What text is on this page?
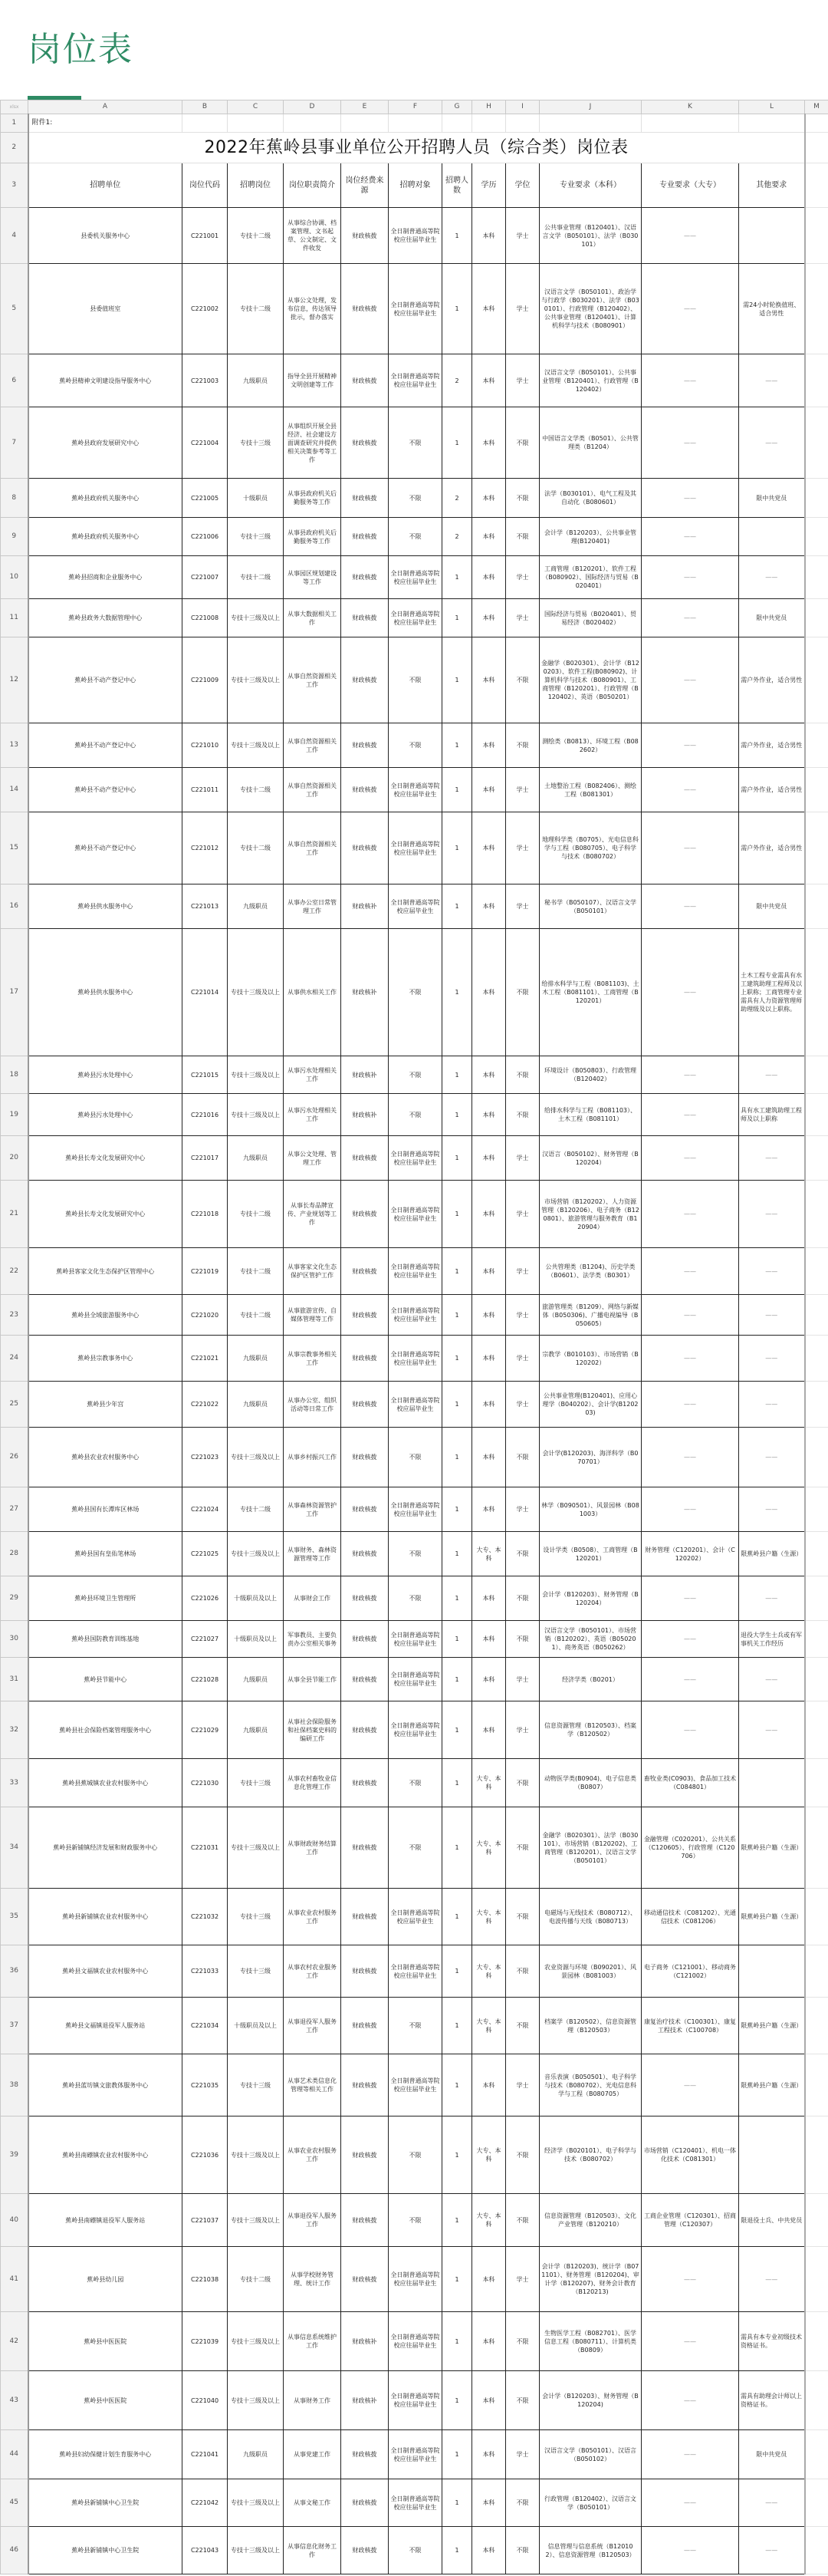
岗位表
xlsx	A	B	C	D	E	F	G	H	I	J	K	L	M
1	附件1:												
2	2022年蕉岭县事业单位公开招聘人员（综合类）岗位表												
3	招聘单位	岗位代码	招聘岗位	岗位职责简介	岗位经费来源	招聘对象	招聘人数	学历	学位	专业要求（本科）	专业要求（大专）	其他要求	
4	县委机关服务中心	C221001	专技十二级	从事综合协调、档案管理、文书起草、公文制定、文件收发	财政核拨	全日制普通高等院校应往届毕业生	1	本科	学士	公共事业管理（B120401）、汉语言文学（B050101）、法学（B030101）	——		
5	县委值班室	C221002	专技十二级	从事公文处理，发布信息，传达领导批示，督办落实	财政核拨	全日制普通高等院校应往届毕业生	1	本科	学士	汉语言文学（B050101）、政治学与行政学（B030201）、法学（B030101）、行政管理（B120402）、公共事业管理（B120401）、计算机科学与技术（B080901）	——	需24小时轮换值班、适合男性	
6	蕉岭县精神文明建设指导服务中心	C221003	九级职员	指导全县开展精神文明创建等工作	财政核拨	全日制普通高等院校应往届毕业生	2	本科	学士	汉语言文学（B050101）、公共事业管理（B120401）、行政管理（B120402）	——	——	
7	蕉岭县政府发展研究中心	C221004	专技十三级	从事组织开展全县经济、社会建设方面调查研究并提供相关决策参考等工作	财政核拨	不限	1	本科	不限	中国语言文学类（B0501）、公共管理类（B1204）	——	——	
8	蕉岭县政府机关服务中心	C221005	十级职员	从事县政府机关后勤服务等工作	财政核拨	不限	2	本科	不限	法学（B030101）、电气工程及其自动化（B080601）	——	限中共党员	
9	蕉岭县政府机关服务中心	C221006	专技十三级	从事县政府机关后勤服务等工作	财政核拨	不限	2	本科	不限	会计学（B120203）、公共事业管理(B120401)	——		
10	蕉岭县招商和企业服务中心	C221007	专技十二级	从事园区规划建设等工作	财政核拨	全日制普通高等院校应往届毕业生	1	本科	学士	工商管理（B120201）、软件工程（B080902）、国际经济与贸易（B020401）	——	——	
11	蕉岭县政务大数据管理中心	C221008	专技十三级及以上	从事大数据相关工作	财政核拨	全日制普通高等院校应往届毕业生	1	本科	学士	国际经济与贸易（B020401）、贸易经济（B020402）	——	限中共党员	
12	蕉岭县不动产登记中心	C221009	专技十三级及以上	从事自然资源相关工作	财政核拨	不限	1	本科	不限	金融学（B020301）、会计学（B120203）、软件工程(B080902)、计算机科学与技术（B080901）、工商管理（B120201）、行政管理（B120402）、英语（B050201）	——	需户外作业，适合男性	
13	蕉岭县不动产登记中心	C221010	专技十三级及以上	从事自然资源相关工作	财政核拨	不限	1	本科	不限	测绘类（B0813）、环境工程（B082602）	——	需户外作业，适合男性	
14	蕉岭县不动产登记中心	C221011	专技十二级	从事自然资源相关工作	财政核拨	全日制普通高等院校应往届毕业生	1	本科	学士	土地整治工程（B082406）、测绘工程（B081301）	——	需户外作业，适合男性	
15	蕉岭县不动产登记中心	C221012	专技十二级	从事自然资源相关工作	财政核拨	全日制普通高等院校应往届毕业生	1	本科	学士	地理科学类（B0705）、光电信息科学与工程（B080705）、电子科学与技术（B080702）	——	需户外作业，适合男性	
16	蕉岭县供水服务中心	C221013	九级职员	从事办公室日常管理工作	财政核补	全日制普通高等院校应届毕业生	1	本科	学士	秘书学（B050107）、汉语言文学（B050101）	——	限中共党员	
17	蕉岭县供水服务中心	C221014	专技十三级及以上	从事供水相关工作	财政核补	不限	1	本科	不限	给排水科学与工程（B081103)、土木工程（B081101）、工商管理（B120201）	——	土木工程专业需具有水工建筑助理工程师及以上职称；工商管理专业需具有人力资源管理师助理级及以上职称。	
18	蕉岭县污水处理中心	C221015	专技十三级及以上	从事污水处理相关工作	财政核补	不限	1	本科	不限	环境设计（B050803）、行政管理（B120402）	——	——	
19	蕉岭县污水处理中心	C221016	专技十三级及以上	从事污水处理相关工作	财政核补	不限	1	本科	不限	给排水科学与工程（B081103）、土木工程（B081101）	——	具有水工建筑助理工程师及以上职称	
20	蕉岭县长寿文化发展研究中心	C221017	九级职员	从事公文处理、管理工作	财政核拨	全日制普通高等院校应往届毕业生	1	本科	学士	汉语言（B050102）、财务管理（B120204）	——	——	
21	蕉岭县长寿文化发展研究中心	C221018	专技十二级	从事长寿品牌宣传、产业规划等工作	财政核拨	全日制普通高等院校应往届毕业生	1	本科	学士	市场营销（B120202）、人力资源管理（B120206）、电子商务（B120801）、旅游管理与服务教育（B120904）	——	——	
22	蕉岭县客家文化生态保护区管理中心	C221019	专技十二级	从事客家文化生态保护区管护工作	财政核拨	全日制普通高等院校应往届毕业生	1	本科	学士	公共管理类（B1204)、历史学类（B0601）、法学类（B0301）	——	——	
23	蕉岭县全域旅游服务中心	C221020	专技十二级	从事旅游宣传、自媒体管理等工作	财政核拨	全日制普通高等院校应往届毕业生	1	本科	学士	旅游管理类（B1209）、网络与新媒体（B050306)、广播电视编导（B050605）	——	——	
24	蕉岭县宗教事务中心	C221021	九级职员	从事宗教事务相关工作	财政核拨	全日制普通高等院校应往届毕业生	1	本科	学士	宗教学（B010103）、市场营销（B120202）	——	——	
25	蕉岭县少年宫	C221022	九级职员	从事办公室、组织活动等日常工作	财政核拨	全日制普通高等院校应届毕业生	1	本科	学士	公共事业管理(B120401)、应用心理学（B040202）、会计学(B120203)	——	——	
26	蕉岭县农业农村服务中心	C221023	专技十三级及以上	从事乡村振兴工作	财政核拨	不限	1	本科	不限	会计学(B120203)、海洋科学（B070701）	——	——	
27	蕉岭县国有长潭库区林场	C221024	专技十二级	从事森林资源管护工作	财政核拨	全日制普通高等院校应往届毕业生	1	本科	学士	林学（B090501）、风景园林（B081003）	——	——	
28	蕉岭县国有皇佑笔林场	C221025	专技十三级及以上	从事财务、森林资源管理等工作	财政核拨	不限	1	大专、本科	不限	设计学类（B0508）、工商管理（B120201）	财务管理（C120201）、会计（C120202）	限蕉岭县户籍（生源）	
29	蕉岭县环境卫生管理所	C221026	十级职员及以上	从事财会工作	财政核拨	不限	1	本科	不限	会计学（B120203）、财务管理（B120204）	——	——	
30	蕉岭县国防教育训练基地	C221027	十级职员及以上	军事教员、主要负责办公室相关事务	财政核拨	全日制普通高等院校应往届毕业生	1	本科	不限	汉语言文学（B050101）、市场营销（B120202）、英语（B050201）、商务英语（B050262）	——	退役大学生士兵或有军事机关工作经历	
31	蕉岭县节能中心	C221028	九级职员	从事全县节能工作	财政核拨	全日制普通高等院校应往届毕业生	1	本科	学士	经济学类（B0201）	——	——	
32	蕉岭县社会保险档案管理服务中心	C221029	九级职员	从事社会保险服务和社保档案史料的编研工作	财政核拨	全日制普通高等院校应往届毕业生	1	本科	学士	信息资源管理（B120503）、档案学（B120502）	——	——	
33	蕉岭县蕉城镇农业农村服务中心	C221030	专技十三级	从事农村畜牧业信息化管理工作	财政核拨	不限	1	大专、本科	不限	动物医学类(B0904)、电子信息类（B0807）	畜牧业类(C0903)、食品加工技术（C084801）		
34	蕉岭县新铺镇经济发展和财政服务中心	C221031	专技十三级及以上	从事财政财务结算工作	财政核拨	不限	1	大专、本科	不限	金融学（B020301）、法学（B030101）、市场营销（B120202)、工商管理（B120201）、汉语言文学（B050101）	金融管理（C020201）、公共关系（C120605）、行政管理（C120706）	限蕉岭县户籍（生源）	
35	蕉岭县新铺镇农业农村服务中心	C221032	专技十三级	从事农业农村服务工作	财政核拨	全日制普通高等院校应届毕业生	1	大专、本科	不限	电磁场与无线技术（B080712）、电波传播与天线（B080713）	移动通信技术（C081202）、光通信技术（C081206）	限蕉岭县户籍（生源）	
36	蕉岭县文福镇农业农村服务中心	C221033	专技十三级	从事农村农业服务工作	财政核拨	全日制普通高等院校应往届毕业生	1	大专、本科	不限	农业资源与环境（B090201）、风景园林（B081003）	电子商务（C121001）、移动商务（C121002）		
37	蕉岭县文福镇退役军人服务站	C221034	十级职员及以上	从事退役军人服务工作	财政核拨	不限	1	大专、本科	不限	档案学（B120502）、信息资源管理（B120503）	康复治疗技术（C100301）、康复工程技术（C100708）	限蕉岭县户籍（生源）	
38	蕉岭县蓝坊镇文旅教体服务中心	C221035	专技十三级	从事艺术类信息化管理等相关工作	财政核拨	全日制普通高等院校应往届毕业生	1	本科	学士	音乐表演（B050501）、电子科学与技术（B080702）、光电信息科学与工程（B080705）	——	限蕉岭县户籍（生源）	
39	蕉岭县南礤镇农业农村服务中心	C221036	专技十三级及以上	从事农业农村服务工作	财政核拨	不限	1	大专、本科	不限	经济学（B020101）、电子科学与技术（B080702）	市场营销（C120401）、机电一体化技术（C081301）		
40	蕉岭县南礤镇退役军人服务站	C221037	专技十三级及以上	从事退役军人服务工作	财政核拨	不限	1	大专、本科	不限	信息资源管理（B120503）、文化产业管理（B120210）	工商企业管理（C120301）、招商管理（C120307）	限退役士兵、中共党员	
41	蕉岭县幼儿园	C221038	专技十二级	从事学校财务管理、统计工作	财政核拨	全日制普通高等院校应往届毕业生	1	本科	学士	会计学（B120203)、统计学（B071101）、财务管理（B120204)、审计学（B120207)、财务会计教育（B120213)	——	——	
42	蕉岭县中医医院	C221039	专技十三级及以上	从事信息系统维护工作	财政核补	全日制普通高等院校应往届毕业生	1	本科	不限	生物医学工程（B082701）、医学信息工程（B080711）、计算机类（B0809）	——	需具有本专业初级技术资格证书。	
43	蕉岭县中医医院	C221040	专技十三级及以上	从事财务工作	财政核补	全日制普通高等院校应往届毕业生	1	本科	不限	会计学（B120203）、财务管理（B120204)	——	需具有助理会计师以上资格证书。	
44	蕉岭县妇幼保健计划生育服务中心	C221041	九级职员	从事党建工作	财政核拨	全日制普通高等院校应往届毕业生	1	本科	学士	汉语言文学（B050101）、汉语言（B050102）	——	限中共党员	
45	蕉岭县新铺镇中心卫生院	C221042	专技十三级及以上	从事文秘工作	财政核拨	全日制普通高等院校应往届毕业生	1	本科	不限	行政管理（B120402）、汉语言文学（B050101）	——	——	
46	蕉岭县新铺镇中心卫生院	C221043	专技十三级及以上	从事信息化财务工作	财政核拨	不限	1	本科	不限	信息管理与信息系统（B120102）、信息资源管理（B120503）	——	——	
